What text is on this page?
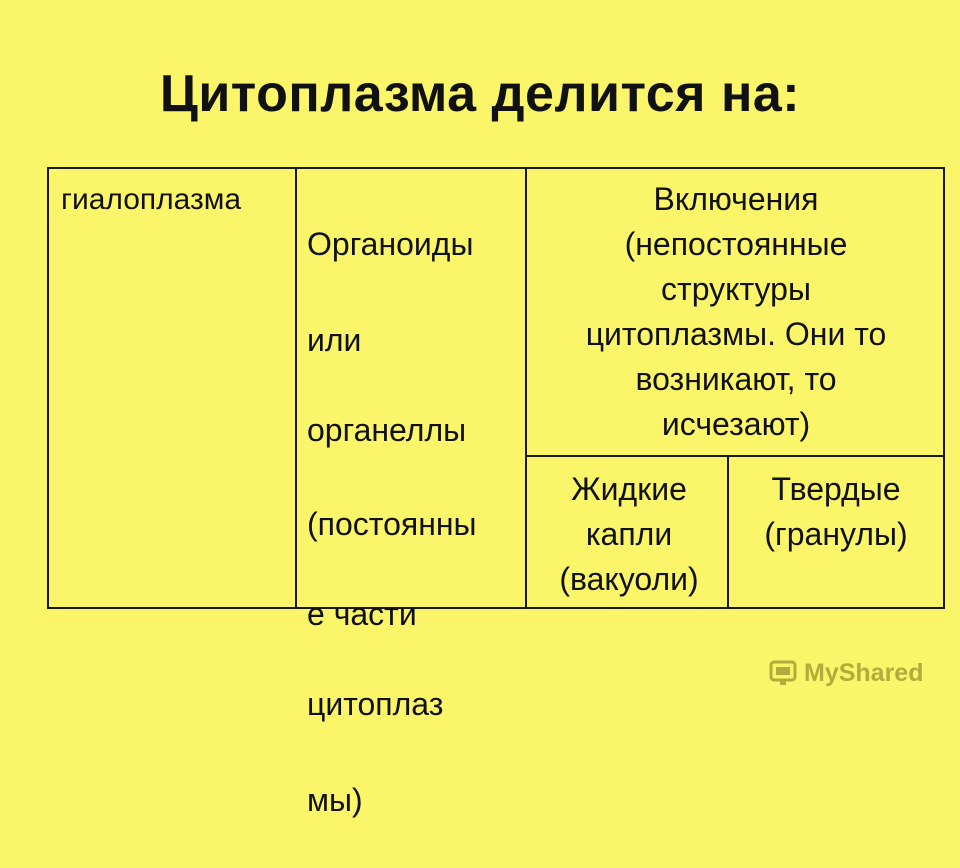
Цитоплазма делится на:
гиалоплазма

Органоиды

или

органеллы

(постоянны

е части

цитоплаз

мы)

Включения
(непостоянные
структуры
цитоплазмы. Они то
возникают, то
исчезают)
Жидкие
капли
(вакуоли)
Твердые
(гранулы)
MyShared
